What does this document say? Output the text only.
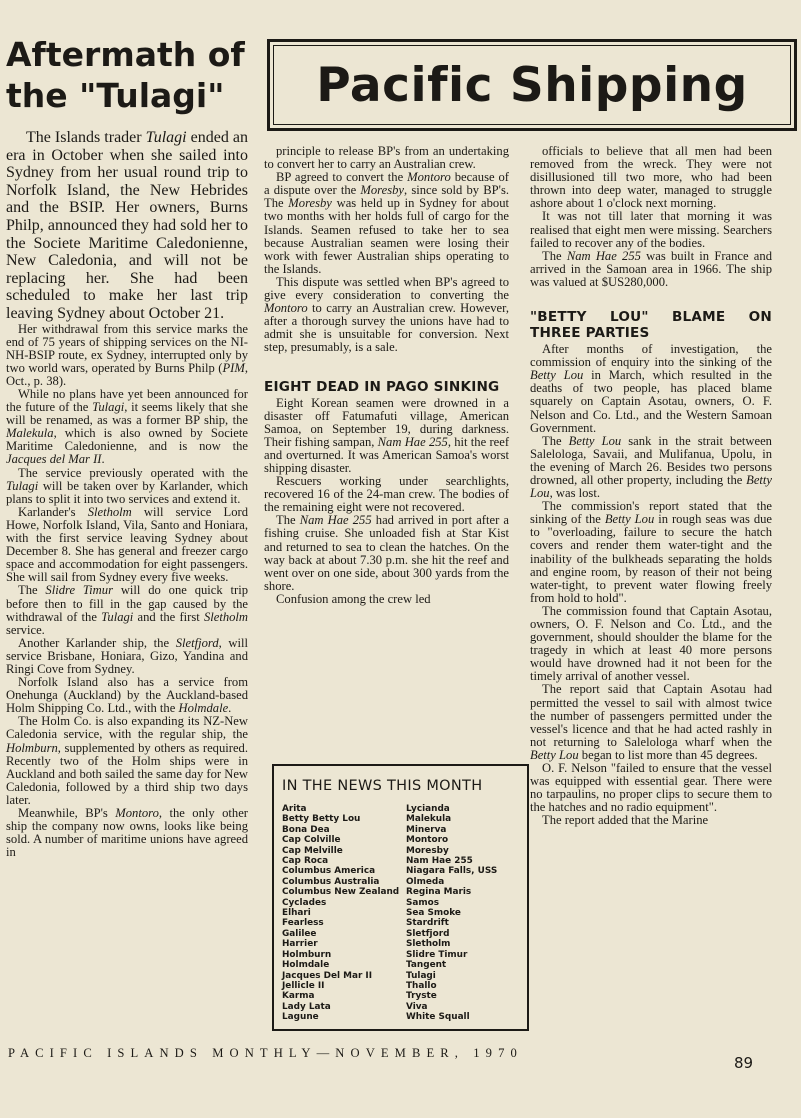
Aftermath of the "Tulagi"	Pacific Shipping

The Islands trader Tulagi ended an era in October when she sailed into Sydney from her usual round trip to Norfolk Island, the New Hebrides and the BSIP. Her owners, Burns Philp, announced they had sold her to the Societe Maritime Caledonienne, New Caledonia, and will not be replacing her. She had been scheduled to make her last trip leaving Sydney about October 21.

Her withdrawal from this service marks the end of 75 years of shipping services on the NI-NH-BSIP route, ex Sydney, interrupted only by two world wars, operated by Burns Philp (PIM, Oct., p. 38).

While no plans have yet been announced for the future of the Tulagi, it seems likely that she will be renamed, as was a former BP ship, the Malekula, which is also owned by Societe Maritime Caledonienne, and is now the Jacques del Mar II.

The service previously operated with the Tulagi will be taken over by Karlander, which plans to split it into two services and extend it.

Karlander's Sletholm will service Lord Howe, Norfolk Island, Vila, Santo and Honiara, with the first service leaving Sydney about December 8. She has general and freezer cargo space and accommodation for eight passengers. She will sail from Sydney every five weeks.

The Slidre Timur will do one quick trip before then to fill in the gap caused by the withdrawal of the Tulagi and the first Sletholm service.

Another Karlander ship, the Sletfjord, will service Brisbane, Honiara, Gizo, Yandina and Ringi Cove from Sydney.

Norfolk Island also has a service from Onehunga (Auckland) by the Auckland-based Holm Shipping Co. Ltd., with the Holmdale.

The Holm Co. is also expanding its NZ-New Caledonia service, with the regular ship, the Holmburn, supplemented by others as required. Recently two of the Holm ships were in Auckland and both sailed the same day for New Caledonia, followed by a third ship two days later.

Meanwhile, BP's Montoro, the only other ship the company now owns, looks like being sold. A number of maritime unions have agreed in

principle to release BP's from an undertaking to convert her to carry an Australian crew.

BP agreed to convert the Montoro because of a dispute over the Moresby, since sold by BP's. The Moresby was held up in Sydney for about two months with her holds full of cargo for the Islands. Seamen refused to take her to sea because Australian seamen were losing their work with fewer Australian ships operating to the Islands.

This dispute was settled when BP's agreed to give every consideration to converting the Montoro to carry an Australian crew. However, after a thorough survey the unions have had to admit she is unsuitable for conversion. Next step, presumably, is a sale.

EIGHT DEAD IN PAGO SINKING

Eight Korean seamen were drowned in a disaster off Fatumafuti village, American Samoa, on September 19, during darkness. Their fishing sampan, Nam Hae 255, hit the reef and overturned. It was American Samoa's worst shipping disaster.

Rescuers working under searchlights, recovered 16 of the 24-man crew. The bodies of the remaining eight were not recovered.

The Nam Hae 255 had arrived in port after a fishing cruise. She unloaded fish at Star Kist and returned to sea to clean the hatches. On the way back at about 7.30 p.m. she hit the reef and went over on one side, about 300 yards from the shore.

Confusion among the crew led

officials to believe that all men had been removed from the wreck. They were not disillusioned till two more, who had been thrown into deep water, managed to struggle ashore about 1 o'clock next morning.

It was not till later that morning it was realised that eight men were missing. Searchers failed to recover any of the bodies.

The Nam Hae 255 was built in France and arrived in the Samoan area in 1966. The ship was valued at $US280,000.

"BETTY LOU" BLAME ON THREE PARTIES

After months of investigation, the commission of enquiry into the sinking of the Betty Lou in March, which resulted in the deaths of two people, has placed blame squarely on Captain Asotau, owners, O. F. Nelson and Co. Ltd., and the Western Samoan Government.

The Betty Lou sank in the strait between Salelologa, Savaii, and Mulifanua, Upolu, in the evening of March 26. Besides two persons drowned, all other property, including the Betty Lou, was lost.

The commission's report stated that the sinking of the Betty Lou in rough seas was due to "overloading, failure to secure the hatch covers and render them water-tight and the inability of the bulkheads separating the holds and engine room, by reason of their not being water-tight, to prevent water flowing freely from hold to hold".

The commission found that Captain Asotau, owners, O. F. Nelson and Co. Ltd., and the government, should shoulder the blame for the tragedy in which at least 40 more persons would have drowned had it not been for the timely arrival of another vessel.

The report said that Captain Asotau had permitted the vessel to sail with almost twice the number of passengers permitted under the vessel's licence and that he had acted rashly in not returning to Salelologa wharf when the Betty Lou began to list more than 45 degrees.

O. F. Nelson "failed to ensure that the vessel was equipped with essential gear. There were no tarpaulins, no proper clips to secure them to the hatches and no radio equipment".

The report added that the Marine

IN THE NEWS THIS MONTH
Arita
Betty Betty Lou
Bona Dea
Cap Colville
Cap Melville
Cap Roca
Columbus America
Columbus Australia
Columbus New Zealand
Cyclades
Elhari
Fearless
Galilee
Harrier
Holmburn
Holmdale
Jacques Del Mar II
Jellicle II
Karma
Lady Lata
Lagune
Lycianda
Malekula
Minerva
Montoro
Moresby
Nam Hae 255
Niagara Falls, USS
Olmeda
Regina Maris
Samos
Sea Smoke
Stardrift
Sletfjord
Sletholm
Slidre Timur
Tangent
Tulagi
Thallo
Tryste
Viva
White Squall
PACIFIC ISLANDS MONTHLY—NOVEMBER, 1970
89
